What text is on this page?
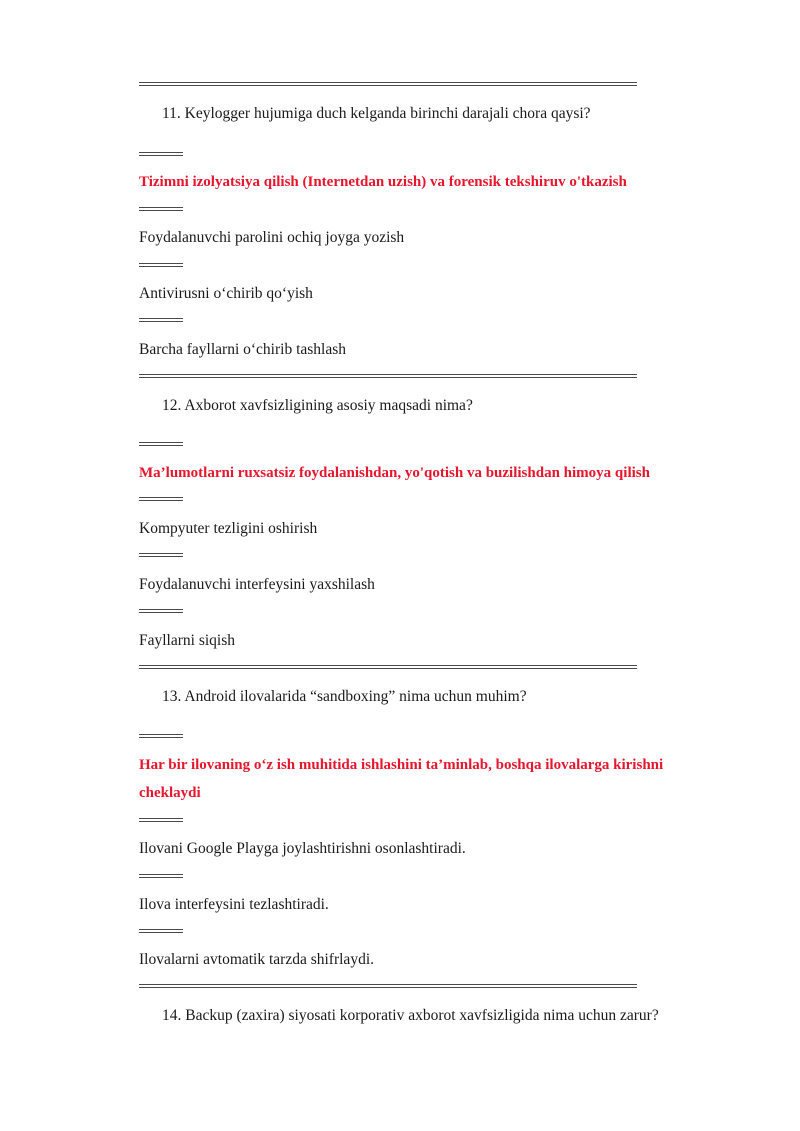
11. Keylogger hujumiga duch kelganda birinchi darajali chora qaysi?
Tizimni izolyatsiya qilish (Internetdan uzish) va forensik tekshiruv o'tkazish
Foydalanuvchi parolini ochiq joyga yozish
Antivirusni o‘chirib qo‘yish
Barcha fayllarni o‘chirib tashlash
12. Axborot xavfsizligining asosiy maqsadi nima?
Ma’lumotlarni ruxsatsiz foydalanishdan, yo'qotish va buzilishdan himoya qilish
Kompyuter tezligini oshirish
Foydalanuvchi interfeysini yaxshilash
Fayllarni siqish
13. Android ilovalarida “sandboxing” nima uchun muhim?
Har bir ilovaning o‘z ish muhitida ishlashini ta’minlab, boshqa ilovalarga kirishni cheklaydi
Ilovani Google Playga joylashtirishni osonlashtiradi.
Ilova interfeysini tezlashtiradi.
Ilovalarni avtomatik tarzda shifrlaydi.
14. Backup (zaxira) siyosati korporativ axborot xavfsizligida nima uchun zarur?
